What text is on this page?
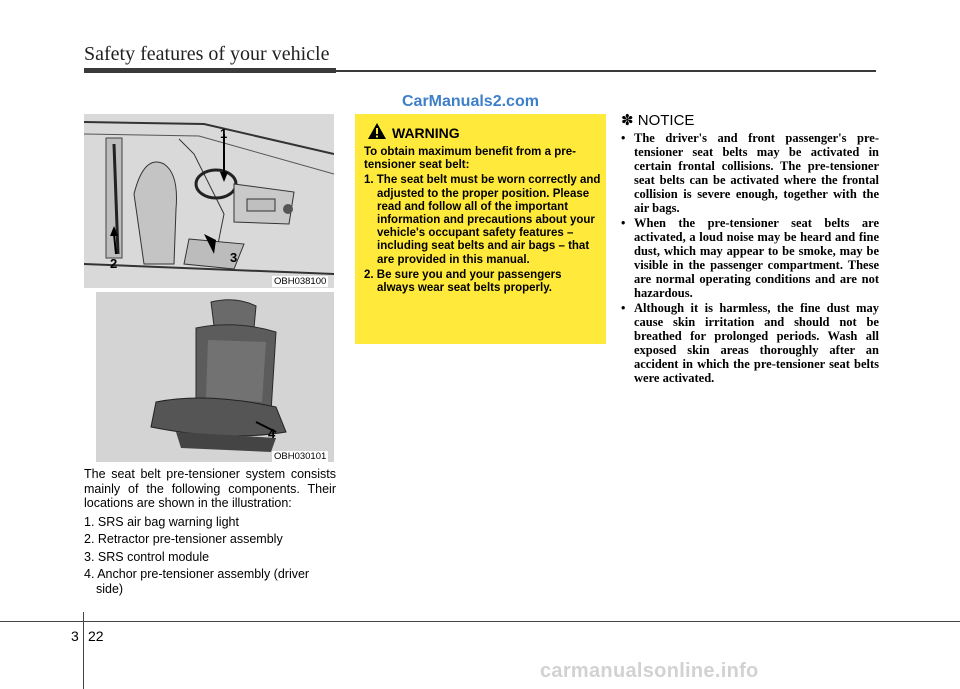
Safety features of your vehicle
CarManuals2.com
1
2	3
OBH038100
4
OBH030101

The seat belt pre-tensioner system consists mainly of the following components. Their locations are shown in the illustration:

1. SRS air bag warning light
2. Retractor pre-tensioner assembly
3. SRS control module
4. Anchor pre-tensioner assembly (driver side)
WARNING

To obtain maximum benefit from a pre-tensioner seat belt:

1. The seat belt must be worn correctly and adjusted to the proper position. Please read and follow all of the important information and precautions about your vehicle's occupant safety features – including seat belts and air bags – that are provided in this manual.

2. Be sure you and your passengers always wear seat belts properly.

✽ NOTICE
• The driver's and front passenger's pre-tensioner seat belts may be activated in certain frontal collisions. The pre-tensioner seat belts can be activated where the frontal collision is severe enough, together with the air bags.
• When the pre-tensioner seat belts are activated, a loud noise may be heard and fine dust, which may appear to be smoke, may be visible in the passenger compartment. These are normal operating conditions and are not hazardous.
• Although it is harmless, the fine dust may cause skin irritation and should not be breathed for prolonged periods. Wash all exposed skin areas thoroughly after an accident in which the pre-tensioner seat belts were activated.
3 22
carmanualsonline.info
